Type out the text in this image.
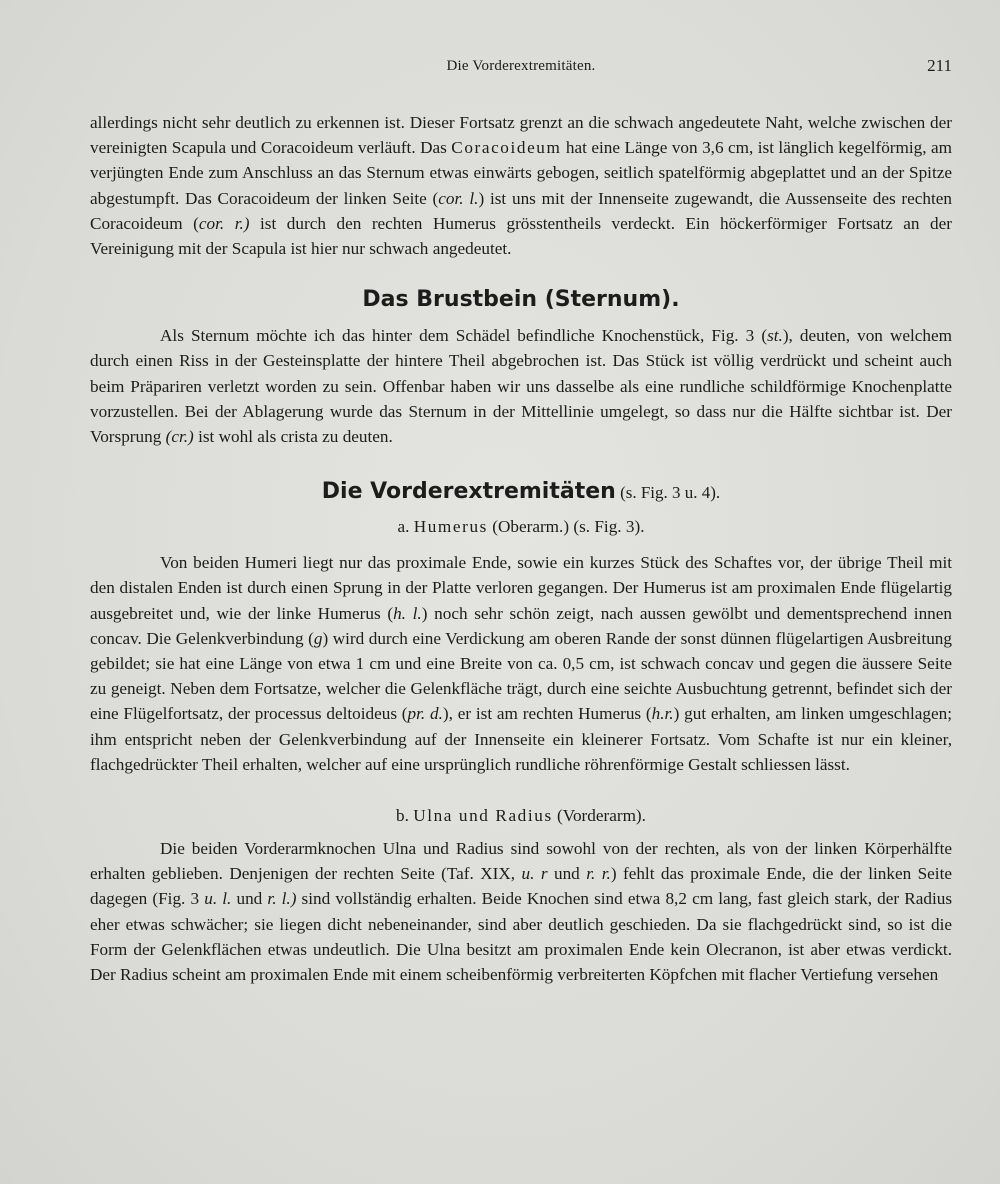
Die Vorderextremitäten.	211

allerdings nicht sehr deutlich zu erkennen ist. Dieser Fortsatz grenzt an die schwach angedeutete Naht, welche zwischen der vereinigten Scapula und Coracoideum verläuft. Das Coracoideum hat eine Länge von 3,6 cm, ist länglich kegelförmig, am verjüngten Ende zum Anschluss an das Sternum etwas einwärts gebogen, seitlich spatelförmig abgeplattet und an der Spitze abgestumpft. Das Coracoideum der linken Seite (cor. l.) ist uns mit der Innenseite zugewandt, die Aussenseite des rechten Coracoideum (cor. r.) ist durch den rechten Humerus grösstentheils verdeckt. Ein höckerförmiger Fortsatz an der Vereinigung mit der Scapula ist hier nur schwach angedeutet.

Das Brustbein (Sternum).

Als Sternum möchte ich das hinter dem Schädel befindliche Knochenstück, Fig. 3 (st.), deuten, von welchem durch einen Riss in der Gesteinsplatte der hintere Theil abgebrochen ist. Das Stück ist völlig verdrückt und scheint auch beim Präpariren verletzt worden zu sein. Offenbar haben wir uns dasselbe als eine rundliche schildförmige Knochenplatte vorzustellen. Bei der Ablagerung wurde das Sternum in der Mittellinie umgelegt, so dass nur die Hälfte sichtbar ist. Der Vorsprung (cr.) ist wohl als crista zu deuten.

Die Vorderextremitäten (s. Fig. 3 u. 4).
a. Humerus (Oberarm.) (s. Fig. 3).

Von beiden Humeri liegt nur das proximale Ende, sowie ein kurzes Stück des Schaftes vor, der übrige Theil mit den distalen Enden ist durch einen Sprung in der Platte verloren gegangen. Der Humerus ist am proximalen Ende flügelartig ausgebreitet und, wie der linke Humerus (h. l.) noch sehr schön zeigt, nach aussen gewölbt und dementsprechend innen concav. Die Gelenkverbindung (g) wird durch eine Verdickung am oberen Rande der sonst dünnen flügelartigen Ausbreitung gebildet; sie hat eine Länge von etwa 1 cm und eine Breite von ca. 0,5 cm, ist schwach concav und gegen die äussere Seite zu geneigt. Neben dem Fortsatze, welcher die Gelenkfläche trägt, durch eine seichte Ausbuchtung getrennt, befindet sich der eine Flügelfortsatz, der processus deltoideus (pr. d.), er ist am rechten Humerus (h.r.) gut erhalten, am linken umgeschlagen; ihm entspricht neben der Gelenkverbindung auf der Innenseite ein kleinerer Fortsatz. Vom Schafte ist nur ein kleiner, flachgedrückter Theil erhalten, welcher auf eine ursprünglich rundliche röhrenförmige Gestalt schliessen lässt.

b. Ulna und Radius (Vorderarm).

Die beiden Vorderarmknochen Ulna und Radius sind sowohl von der rechten, als von der linken Körperhälfte erhalten geblieben. Denjenigen der rechten Seite (Taf. XIX, u. r und r. r.) fehlt das proximale Ende, die der linken Seite dagegen (Fig. 3 u. l. und r. l.) sind vollständig erhalten. Beide Knochen sind etwa 8,2 cm lang, fast gleich stark, der Radius eher etwas schwächer; sie liegen dicht nebeneinander, sind aber deutlich geschieden. Da sie flachgedrückt sind, so ist die Form der Gelenkflächen etwas undeutlich. Die Ulna besitzt am proximalen Ende kein Olecranon, ist aber etwas verdickt. Der Radius scheint am proximalen Ende mit einem scheibenförmig verbreiterten Köpfchen mit flacher Vertiefung versehen
